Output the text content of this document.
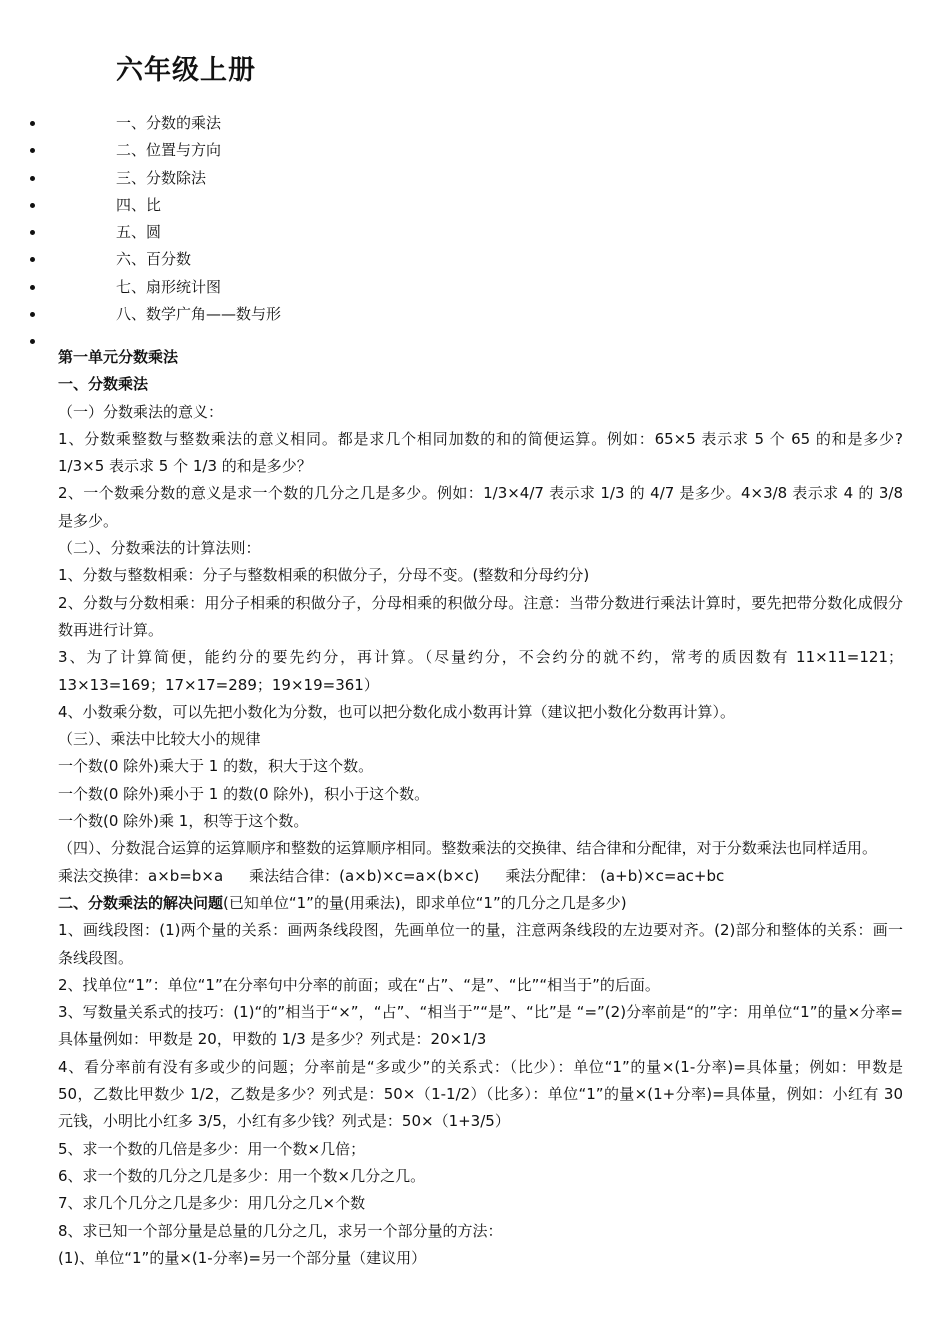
六年级上册
一、分数的乘法
二、位置与方向
三、分数除法
四、比
五、圆
六、百分数
七、扇形统计图
八、数学广角——数与形

第一单元分数乘法

一、分数乘法

（一）分数乘法的意义：

1、分数乘整数与整数乘法的意义相同。都是求几个相同加数的和的简便运算。例如：65×5 表示求 5 个 65 的和是多少?1/3×5 表示求 5 个 1/3 的和是多少？

2、一个数乘分数的意义是求一个数的几分之几是多少。例如：1/3×4/7 表示求 1/3 的 4/7 是多少。4×3/8 表示求 4 的 3/8 是多少。

（二）、分数乘法的计算法则：

1、分数与整数相乘：分子与整数相乘的积做分子，分母不变。(整数和分母约分)

2、分数与分数相乘：用分子相乘的积做分子，分母相乘的积做分母。注意：当带分数进行乘法计算时，要先把带分数化成假分数再进行计算。

3、为了计算简便，能约分的要先约分，再计算。（尽量约分，不会约分的就不约，常考的质因数有 11×11=121；13×13=169；17×17=289；19×19=361）

4、小数乘分数，可以先把小数化为分数，也可以把分数化成小数再计算（建议把小数化分数再计算）。

（三）、乘法中比较大小的规律

一个数(0 除外)乘大于 1 的数，积大于这个数。

一个数(0 除外)乘小于 1 的数(0 除外)，积小于这个数。

一个数(0 除外)乘 1，积等于这个数。

（四）、分数混合运算的运算顺序和整数的运算顺序相同。整数乘法的交换律、结合律和分配律，对于分数乘法也同样适用。乘法交换律：a×b=b×a 乘法结合律：(a×b)×c=a×(b×c) 乘法分配律： (a+b)×c=ac+bc

二、分数乘法的解决问题(已知单位“1”的量(用乘法)，即求单位“1”的几分之几是多少)

1、画线段图：(1)两个量的关系：画两条线段图，先画单位一的量，注意两条线段的左边要对齐。(2)部分和整体的关系：画一条线段图。

2、找单位“1”：单位“1”在分率句中分率的前面；或在“占”、“是”、“比”“相当于”的后面。

3、写数量关系式的技巧：(1)“的”相当于“×”，“占”、“相当于”“是”、“比”是 “=”(2)分率前是“的”字：用单位“1”的量×分率=具体量例如：甲数是 20，甲数的 1/3 是多少？列式是：20×1/3

4、看分率前有没有多或少的问题；分率前是“多或少”的关系式：（比少）：单位“1”的量×(1-分率)=具体量；例如：甲数是 50，乙数比甲数少 1/2，乙数是多少？列式是：50×（1-1/2）（比多）：单位“1”的量×(1+分率)=具体量，例如：小红有 30 元钱，小明比小红多 3/5，小红有多少钱？列式是：50×（1+3/5）

5、求一个数的几倍是多少：用一个数×几倍；

6、求一个数的几分之几是多少：用一个数×几分之几。

7、求几个几分之几是多少：用几分之几×个数

8、求已知一个部分量是总量的几分之几，求另一个部分量的方法：

(1)、单位“1”的量×(1-分率)=另一个部分量（建议用）
